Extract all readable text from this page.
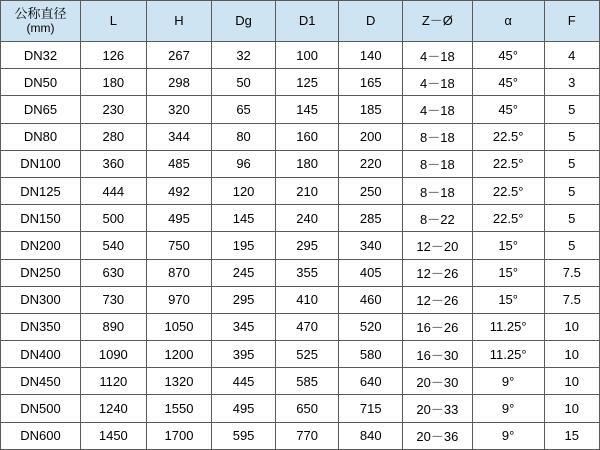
公称直径
(mm)	L	H	Dg	D1	D	Z－Ø	α	F

DN32	126	267	32	100	140	4－18	45°	4
DN50	180	298	50	125	165	4－18	45°	3
DN65	230	320	65	145	185	4－18	45°	5
DN80	280	344	80	160	200	8－18	22.5°	5
DN100	360	485	96	180	220	8－18	22.5°	5
DN125	444	492	120	210	250	8－18	22.5°	5
DN150	500	495	145	240	285	8－22	22.5°	5
DN200	540	750	195	295	340	12－20	15°	5
DN250	630	870	245	355	405	12－26	15°	7.5
DN300	730	970	295	410	460	12－26	15°	7.5
DN350	890	1050	345	470	520	16－26	11.25°	10
DN400	1090	1200	395	525	580	16－30	11.25°	10
DN450	1120	1320	445	585	640	20－30	9°	10
DN500	1240	1550	495	650	715	20－33	9°	10
DN600	1450	1700	595	770	840	20－36	9°	15
